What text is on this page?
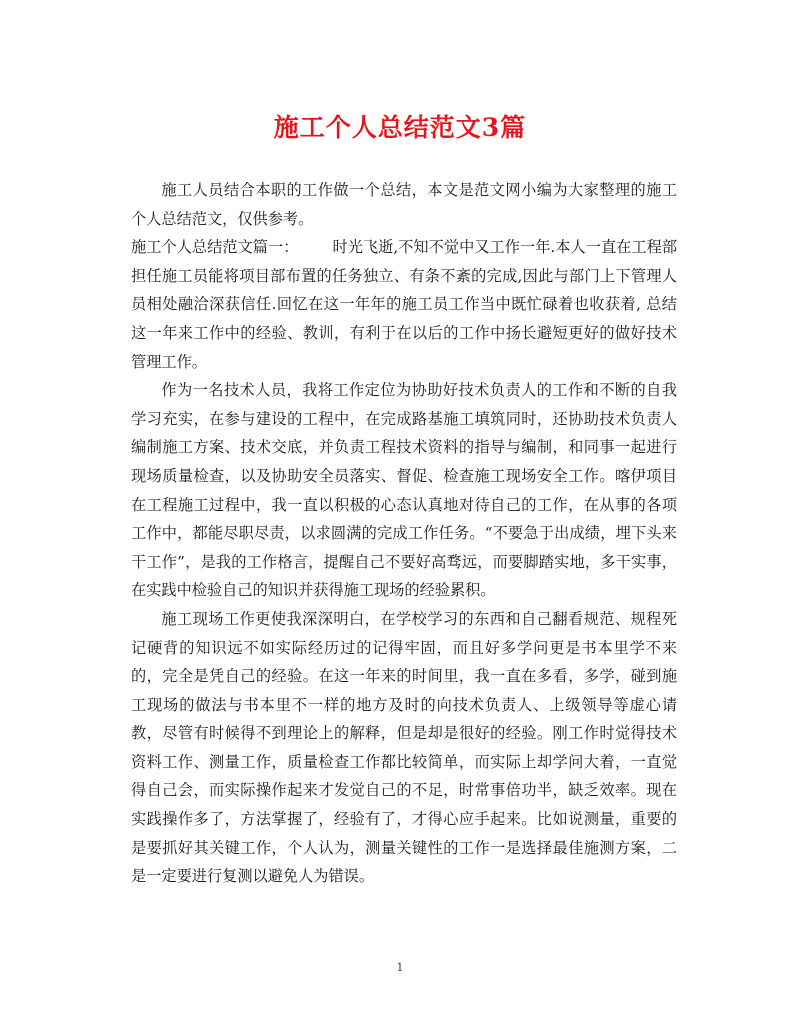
施工个人总结范文3篇

施工人员结合本职的工作做一个总结，本文是范文网小编为大家整理的施工个人总结范文，仅供参考。

施工个人总结范文篇一： 时光飞逝,不知不觉中又工作一年.本人一直在工程部担任施工员能将项目部布置的任务独立、有条不紊的完成,因此与部门上下管理人员相处融洽深获信任.回忆在这一年年的施工员工作当中既忙碌着也收获着, 总结这一年来工作中的经验、教训，有利于在以后的工作中扬长避短更好的做好技术管理工作。

作为一名技术人员，我将工作定位为协助好技术负责人的工作和不断的自我学习充实，在参与建设的工程中，在完成路基施工填筑同时，还协助技术负责人编制施工方案、技术交底，并负责工程技术资料的指导与编制，和同事一起进行现场质量检查，以及协助安全员落实、督促、检查施工现场安全工作。喀伊项目在工程施工过程中，我一直以积极的心态认真地对待自己的工作，在从事的各项工作中，都能尽职尽责，以求圆满的完成工作任务。“不要急于出成绩，埋下头来干工作”，是我的工作格言，提醒自己不要好高骛远，而要脚踏实地，多干实事，在实践中检验自己的知识并获得施工现场的经验累积。

施工现场工作更使我深深明白，在学校学习的东西和自己翻看规范、规程死记硬背的知识远不如实际经历过的记得牢固，而且好多学问更是书本里学不来的，完全是凭自己的经验。在这一年来的时间里，我一直在多看，多学，碰到施工现场的做法与书本里不一样的地方及时的向技术负责人、上级领导等虚心请教，尽管有时候得不到理论上的解释，但是却是很好的经验。刚工作时觉得技术资料工作、测量工作，质量检查工作都比较简单，而实际上却学问大着，一直觉得自己会，而实际操作起来才发觉自己的不足，时常事倍功半，缺乏效率。现在实践操作多了，方法掌握了，经验有了，才得心应手起来。比如说测量，重要的是要抓好其关键工作，个人认为，测量关键性的工作一是选择最佳施测方案，二是一定要进行复测以避免人为错误。

1
